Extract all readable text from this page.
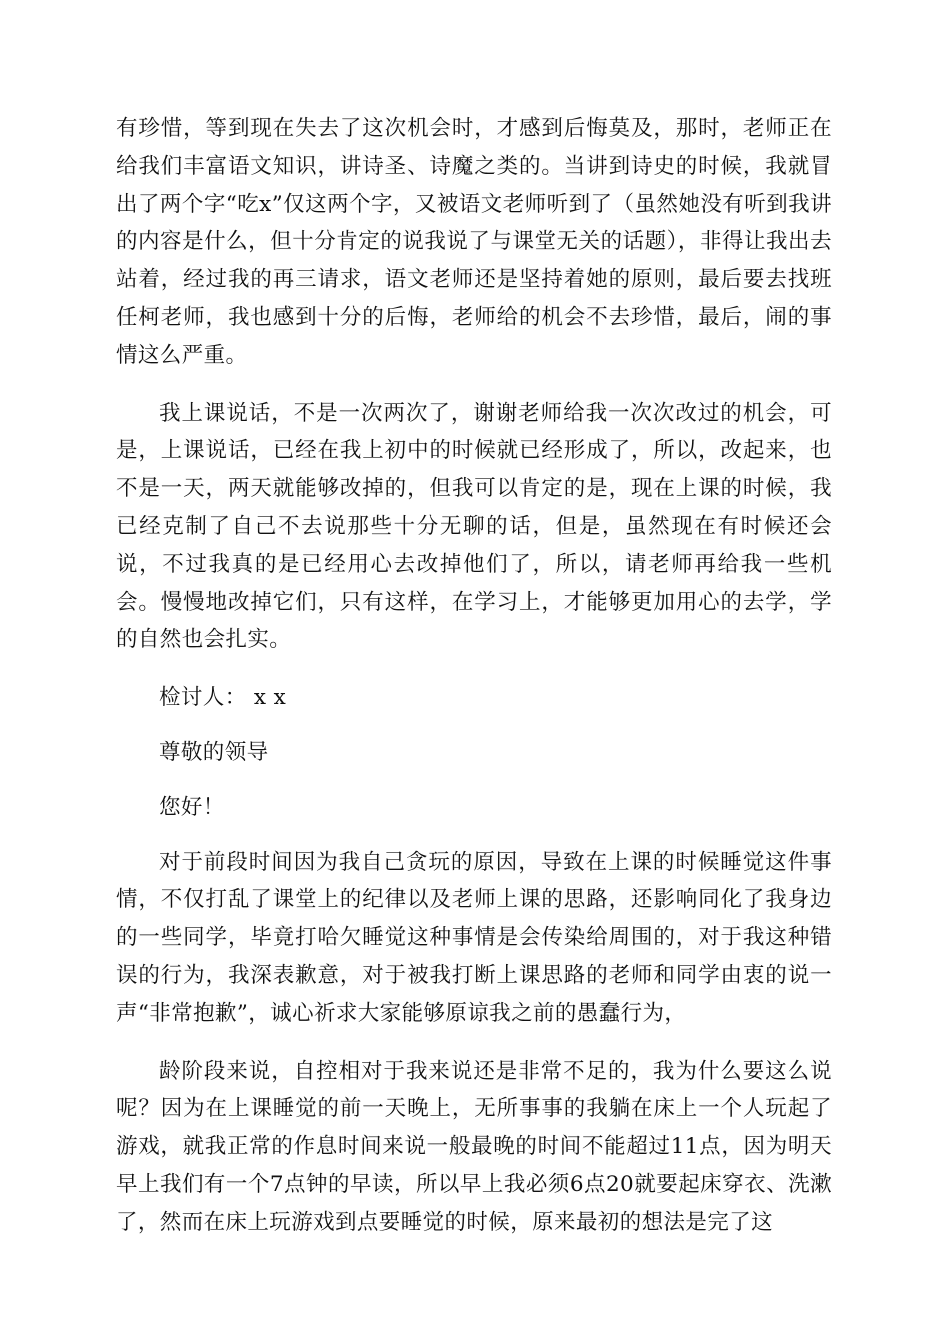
有珍惜，等到现在失去了这次机会时，才感到后悔莫及，那时，老师正在给我们丰富语文知识，讲诗圣、诗魔之类的。当讲到诗史的时候，我就冒出了两个字“吃x”仅这两个字，又被语文老师听到了（虽然她没有听到我讲的内容是什么，但十分肯定的说我说了与课堂无关的话题），非得让我出去站着，经过我的再三请求，语文老师还是坚持着她的原则，最后要去找班任柯老师，我也感到十分的后悔，老师给的机会不去珍惜，最后，闹的事情这么严重。

我上课说话，不是一次两次了，谢谢老师给我一次次改过的机会，可是，上课说话，已经在我上初中的时候就已经形成了，所以，改起来，也不是一天，两天就能够改掉的，但我可以肯定的是，现在上课的时候，我已经克制了自己不去说那些十分无聊的话，但是，虽然现在有时候还会说，不过我真的是已经用心去改掉他们了，所以，请老师再给我一些机会。慢慢地改掉它们，只有这样，在学习上，才能够更加用心的去学，学的自然也会扎实。

检讨人： x x

尊敬的领导

您好！

对于前段时间因为我自己贪玩的原因，导致在上课的时候睡觉这件事情，不仅打乱了课堂上的纪律以及老师上课的思路，还影响同化了我身边的一些同学，毕竟打哈欠睡觉这种事情是会传染给周围的，对于我这种错误的行为，我深表歉意，对于被我打断上课思路的老师和同学由衷的说一声“非常抱歉”，诚心祈求大家能够原谅我之前的愚蠢行为，

龄阶段来说，自控相对于我来说还是非常不足的，我为什么要这么说呢？因为在上课睡觉的前一天晚上，无所事事的我躺在床上一个人玩起了游戏，就我正常的作息时间来说一般最晚的时间不能超过11点，因为明天早上我们有一个7点钟的早读，所以早上我必须6点20就要起床穿衣、洗漱了，然而在床上玩游戏到点要睡觉的时候，原来最初的想法是完了这
